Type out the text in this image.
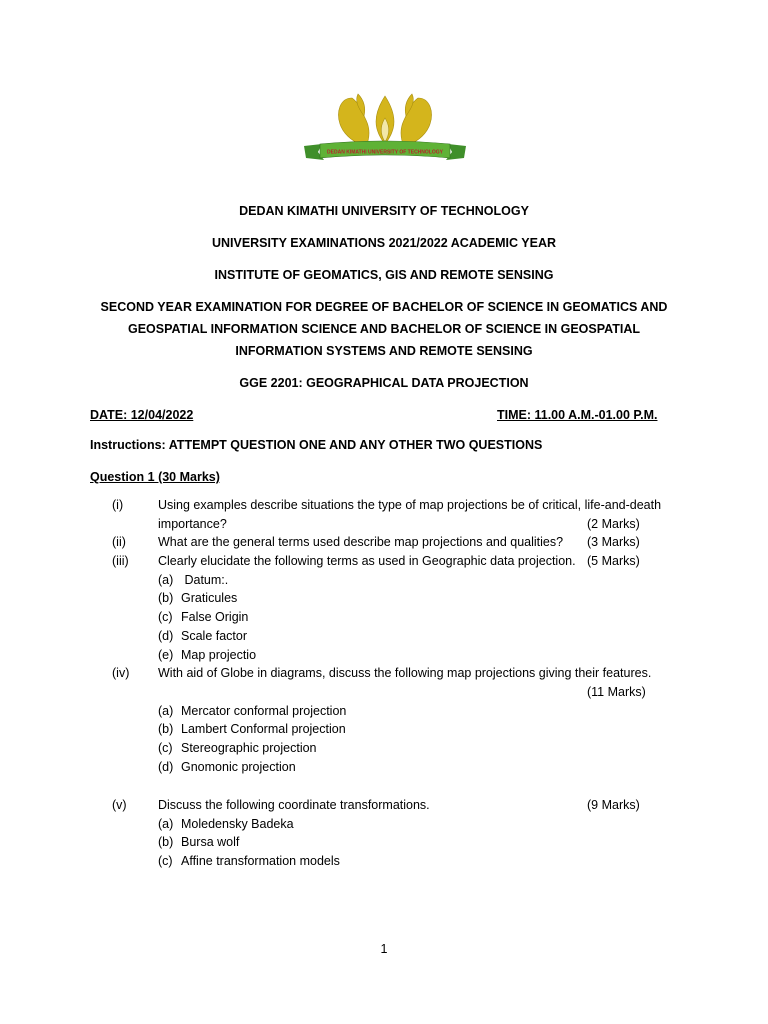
DEDAN KIMATHI UNIVERSITY OF TECHNOLOGY
DEDAN KIMATHI UNIVERSITY OF TECHNOLOGY
UNIVERSITY EXAMINATIONS 2021/2022 ACADEMIC YEAR
INSTITUTE OF GEOMATICS, GIS AND REMOTE SENSING
SECOND YEAR EXAMINATION FOR DEGREE OF BACHELOR OF SCIENCE IN GEOMATICS AND
GEOSPATIAL INFORMATION SCIENCE AND BACHELOR OF SCIENCE IN GEOSPATIAL
INFORMATION SYSTEMS AND REMOTE SENSING
GGE 2201: GEOGRAPHICAL DATA PROJECTION
DATE: 12/04/2022	TIME: 11.00 A.M.-01.00 P.M.
Instructions: ATTEMPT QUESTION ONE AND ANY OTHER TWO QUESTIONS
Question 1 (30 Marks)
(i)	Using examples describe situations the type of map projections be of critical, life-and-death
importance?	(2 Marks)
(ii)	What are the general terms used describe map projections and qualities? (3 Marks)
(iii) Clearly elucidate the following terms as used in Geographic data projection. (5 Marks)
(a) Datum:.
(b) Graticules
(c) False Origin
(d) Scale factor
(e) Map projectio
(iv) With aid of Globe in diagrams, discuss the following map projections giving their features.
(11 Marks)
(a) Mercator conformal projection
(b) Lambert Conformal projection
(c) Stereographic projection
(d) Gnomonic projection
(v)	Discuss the following coordinate transformations.	(9 Marks)
(a) Moledensky Badeka
(b) Bursa wolf
(c) Affine transformation models
1
